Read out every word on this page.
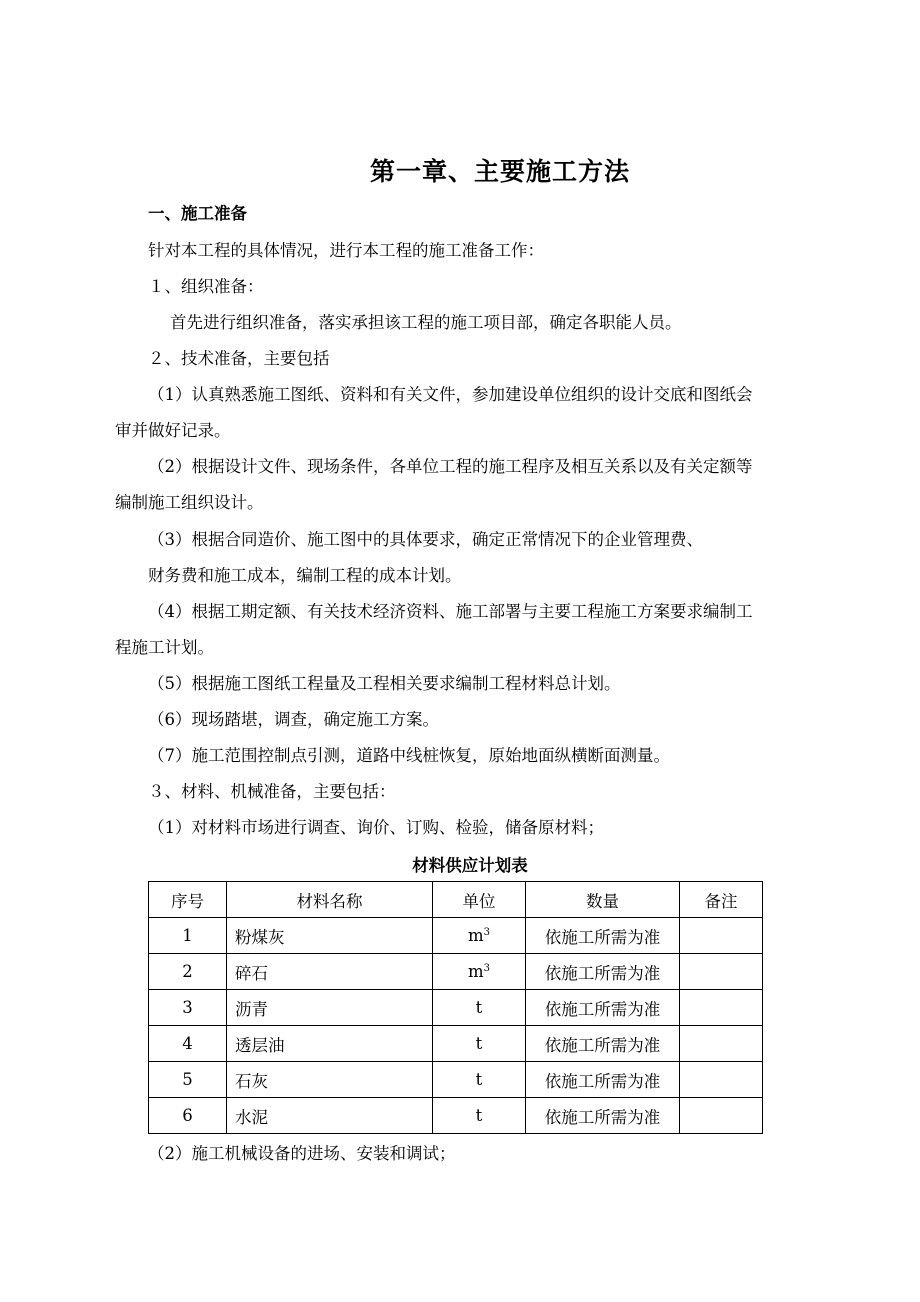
第一章、主要施工方法
一、施工准备
针对本工程的具体情况，进行本工程的施工准备工作：
１、组织准备：
首先进行组织准备，落实承担该工程的施工项目部，确定各职能人员。
２、技术准备，主要包括
（1）认真熟悉施工图纸、资料和有关文件，参加建设单位组织的设计交底和图纸会
审并做好记录。
（2）根据设计文件、现场条件，各单位工程的施工程序及相互关系以及有关定额等
编制施工组织设计。
（3）根据合同造价、施工图中的具体要求，确定正常情况下的企业管理费、
财务费和施工成本，编制工程的成本计划。
（4）根据工期定额、有关技术经济资料、施工部署与主要工程施工方案要求编制工
程施工计划。
（5）根据施工图纸工程量及工程相关要求编制工程材料总计划。
（6）现场踏堪，调查，确定施工方案。
（7）施工范围控制点引测，道路中线桩恢复，原始地面纵横断面测量。
３、材料、机械准备，主要包括：
（1）对材料市场进行调查、询价、订购、检验，储备原材料；
材料供应计划表
序号	材料名称	单位	数量	备注
1	粉煤灰	$m^3$	依施工所需为准	
2	碎石	$m^3$	依施工所需为准	
3	沥青	t	依施工所需为准	
4	透层油	t	依施工所需为准	
5	石灰	t	依施工所需为准	
6	水泥	t	依施工所需为准	
（2）施工机械设备的进场、安装和调试；
